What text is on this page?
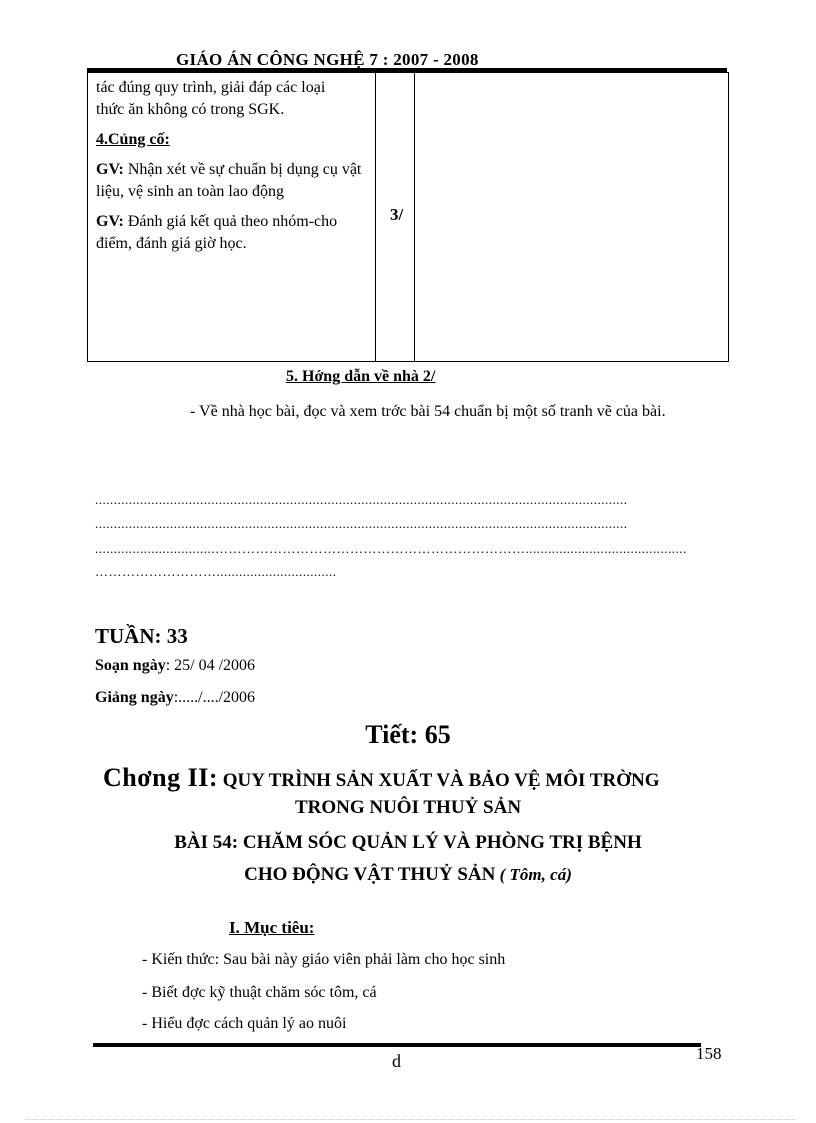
GIÁO ÁN CÔNG NGHỆ 7 : 2007 - 2008

tác đúng quy trình, giải đáp các loại

thức ăn không có trong SGK.

4.Củng cố:

GV: Nhận xét về sự chuẩn bị dụng cụ vật liệu, vệ sinh an toàn lao động

GV: Đánh giá kết quả theo nhóm-cho điểm, đánh giá giờ học.

3/
5. Hớng dẫn về nhà 2/
- Về nhà học bài, đọc và xem trớc bài 54 chuẩn bị một số tranh vẽ của bài.
..............................................................................................................................................
..............................................................................................................................................
................................……………………………………………………………...........................................
………………………................................
TUẦN: 33
Soạn ngày: 25/ 04 /2006
Giảng ngày:...../..../2006
Tiết: 65
Chơng II: QUY TRÌNH SẢN XUẤT VÀ BẢO VỆ MÔI TRỜNG
TRONG NUÔI THUỶ SẢN
BÀI 54: CHĂM SÓC QUẢN LÝ VÀ PHÒNG TRỊ BỆNH
CHO ĐỘNG VẬT THUỶ SẢN ( Tôm, cá)
I. Mục tiêu:
- Kiến thức: Sau bài này giáo viên phải làm cho học sinh
- Biết đợc kỹ thuật chăm sóc tôm, cá
- Hiểu đợc cách quản lý ao nuôi
d	158
